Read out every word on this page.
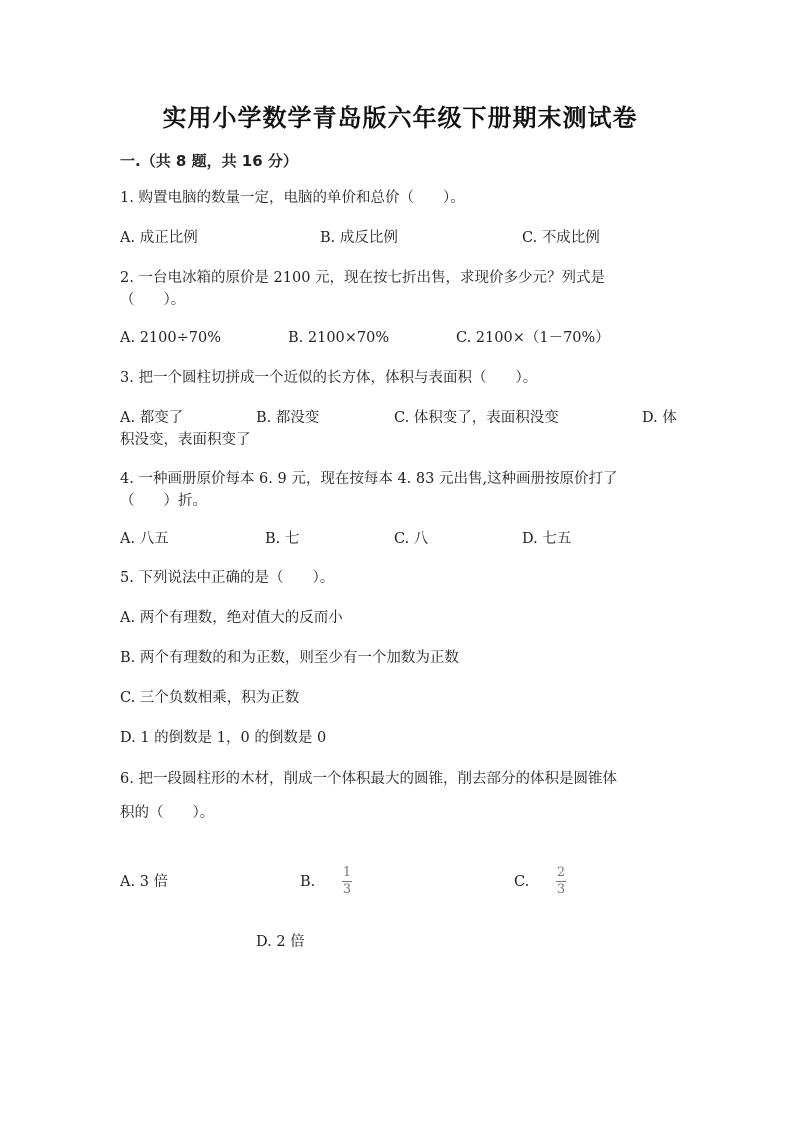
实用小学数学青岛版六年级下册期末测试卷
一.（共 8 题，共 16 分）
1. 购置电脑的数量一定，电脑的单价和总价（　　）。
A. 成正比例	B. 成反比例	C. 不成比例
2. 一台电冰箱的原价是 2100 元，现在按七折出售，求现价多少元？列式是
（　　）。
A. 2100÷70%	B. 2100×70%	C. 2100×（1－70%）
3. 把一个圆柱切拼成一个近似的长方体，体积与表面积（　　）。
A. 都变了	B. 都没变	C. 体积变了，表面积没变	D. 体
积没变，表面积变了
4. 一种画册原价每本 6. 9 元，现在按每本 4. 83 元出售,这种画册按原价打了
（　　）折。
A. 八五	B. 七	C. 八	D. 七五
5. 下列说法中正确的是（　　）。
A. 两个有理数，绝对值大的反而小
B. 两个有理数的和为正数，则至少有一个加数为正数
C. 三个负数相乘，积为正数
D. 1 的倒数是 1，0 的倒数是 0
6. 把一段圆柱形的木材，削成一个体积最大的圆锥，削去部分的体积是圆锥体
积的（　　）。
A. 3 倍	B.
1
3	C.
2
3
D. 2 倍
